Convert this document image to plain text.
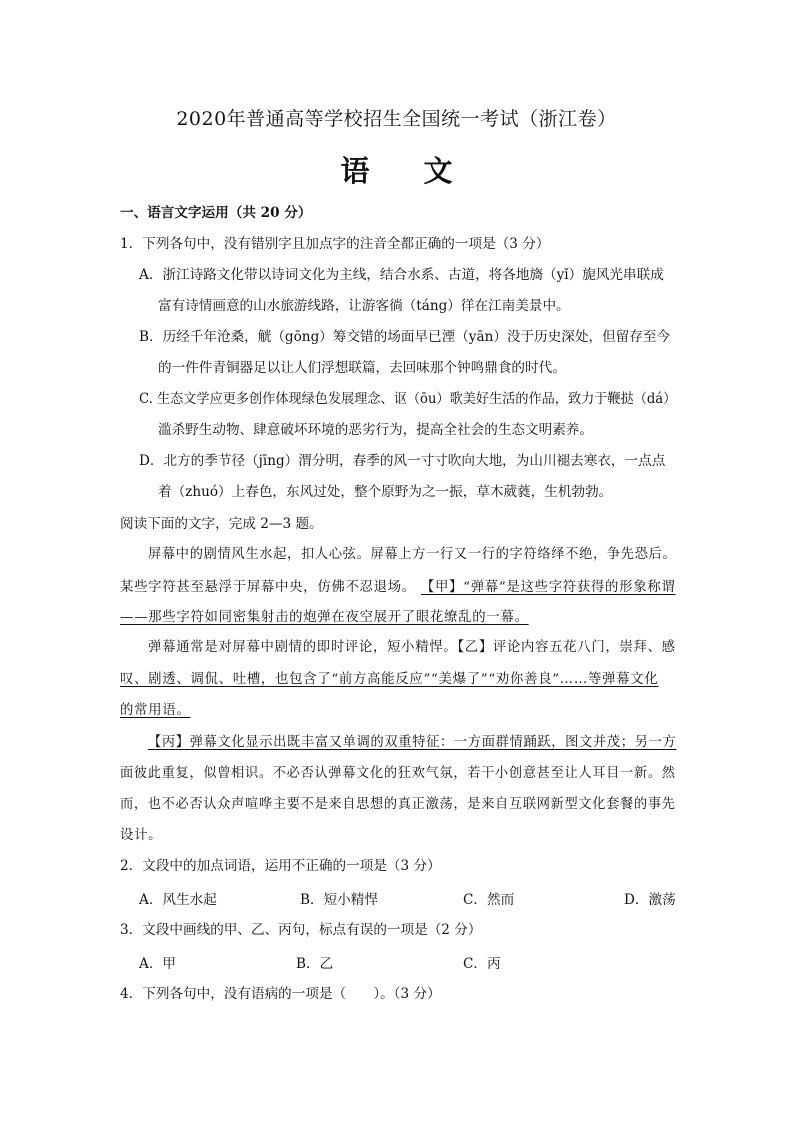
2020年普通高等学校招生全国统一考试（浙江卷）
语 文
一、语言文字运用（共 20 分）
1．下列各句中，没有错别字且加点字的注音全都正确的一项是（3 分）
A．浙江诗路文化带以诗词文化为主线，结合水系、古道，将各地旖（yǐ）旎风光串联成
富有诗情画意的山水旅游线路，让游客徜（táng）徉在江南美景中。
B．历经千年沧桑，觥（gōng）筹交错的场面早已湮（yān）没于历史深处，但留存至今
的一件件青铜器足以让人们浮想联篇，去回味那个钟鸣鼎食的时代。
C. 生态文学应更多创作体现绿色发展理念、讴（ōu）歌美好生活的作品，致力于鞭挞（dá）
滥杀野生动物、肆意破坏环境的恶劣行为，提高全社会的生态文明素养。
D．北方的季节径（jīng）渭分明，春季的风一寸寸吹向大地，为山川褪去寒衣，一点点
着（zhuó）上春色，东风过处，整个原野为之一振，草木葳蕤，生机勃勃。
阅读下面的文字，完成 2—3 题。
屏幕中的剧情风生水起，扣人心弦。屏幕上方一行又一行的字符络绎不绝，争先恐后。
某些字符甚至悬浮于屏幕中央，仿佛不忍退场。 【甲】“弹幕”是这些字符获得的形象称谓
——那些字符如同密集射击的炮弹在夜空展开了眼花缭乱的一幕。
弹幕通常是对屏幕中剧情的即时评论，短小精悍。【乙】评论内容五花八门，崇拜、感
叹、剧透、调侃、吐槽，也包含了“前方高能反应”“美爆了”“劝你善良”……等弹幕文化
的常用语。
【丙】弹幕文化显示出既丰富又单调的双重特征：一方面群情踊跃，图文并茂；另一方
面彼此重复，似曾相识。不必否认弹幕文化的狂欢气氛，若干小创意甚至让人耳目一新。然
而，也不必否认众声喧哗主要不是来自思想的真正激荡，是来自互联网新型文化套餐的事先
设计。
2．文段中的加点词语，运用不正确的一项是（3 分）
A．风生水起	B．短小精悍	C．然而	D．激荡
3．文段中画线的甲、乙、丙句，标点有误的一项是（2 分）
A．甲	B．乙	C．丙
4．下列各句中，没有语病的一项是（　　）。（3 分）
